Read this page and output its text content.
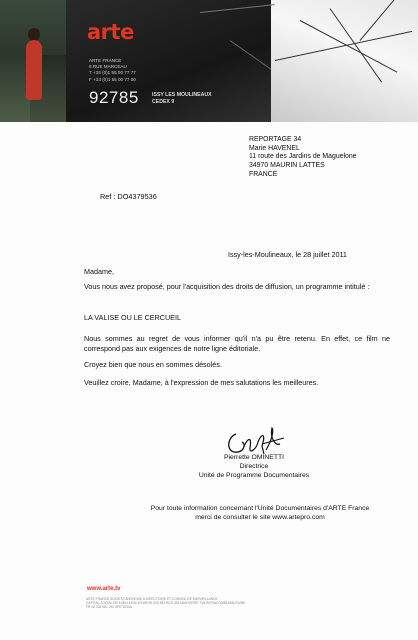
arte
ARTE FRANCE
8 RUE MARCEAU
T +33 (0)1 55 00 77 77
F +33 (0)1 55 00 77 00
92785	ISSY LES MOULINEAUX
CEDEX 9
REPORTAGE 34
Marie HAVENEL
11 route des Jardins de Maguelone
34970 MAURIN LATTES
FRANCE
Ref : DO4379536
Issy-les-Moulineaux, le 28 juillet 2011
Madame,
Vous nous avez proposé, pour l'acquisition des droits de diffusion, un programme intitulé :
LA VALISE OU LE CERCUEIL
Nous sommes au regret de vous informer qu'il n'a pu être retenu. En effet, ce film ne correspond pas aux exigences de notre ligne éditoriale.
Croyez bien que nous en sommes désolés.
Veuillez croire, Madame, à l'expression de mes salutations les meilleures.
Pierrette OMINETTI
Directrice
Unité de Programme Documentaires
Pour toute information concernant l'Unité Documentaires d'ARTE France
merci de consulter le site www.artepro.com
www.arte.tv
ARTE FRANCE SOCIETE ANONYME A DIRECTOIRE ET CONSEIL DE SURVEILLANCE
CAPITAL SOCIAL DE 8 MILLIONS 8 EUROS 335 383 RCS 335 NANTERRE TVA INTRACOMMUNAUTAIRE
FR 08 334 081 232 APE 9200A
